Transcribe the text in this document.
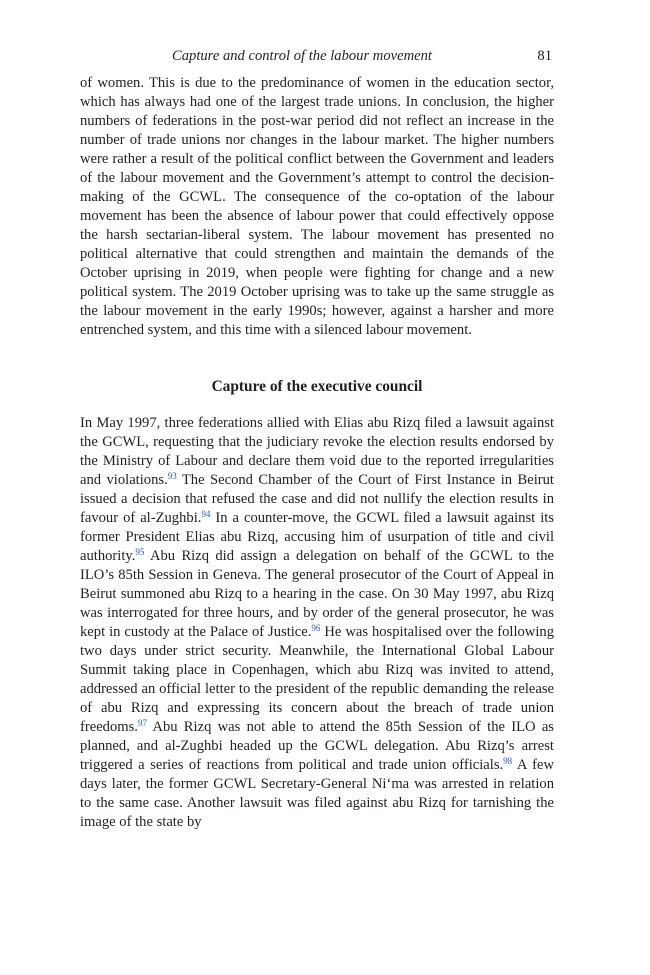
Capture and control of the labour movement	81

of women. This is due to the predominance of women in the education sector, which has always had one of the largest trade unions. In conclusion, the higher numbers of federations in the post-war period did not reflect an increase in the number of trade unions nor changes in the labour market. The higher numbers were rather a result of the political conflict between the Government and leaders of the labour movement and the Government’s attempt to control the decision-making of the GCWL. The consequence of the co-optation of the labour movement has been the absence of labour power that could effectively oppose the harsh sectarian-liberal system. The labour movement has presented no political alternative that could strengthen and maintain the demands of the October uprising in 2019, when people were fighting for change and a new political system. The 2019 October uprising was to take up the same struggle as the labour movement in the early 1990s; however, against a harsher and more entrenched system, and this time with a silenced labour movement.

Capture of the executive council

In May 1997, three federations allied with Elias abu Rizq filed a lawsuit against the GCWL, requesting that the judiciary revoke the election results endorsed by the Ministry of Labour and declare them void due to the reported irregularities and violations.$^{93}$ The Second Chamber of the Court of First Instance in Beirut issued a decision that refused the case and did not nullify the election results in favour of al-Zughbi.$^{94}$ In a counter-move, the GCWL filed a lawsuit against its former President Elias abu Rizq, accusing him of usurpation of title and civil authority.$^{95}$ Abu Rizq did assign a delegation on behalf of the GCWL to the ILO’s 85th Session in Geneva. The general prosecutor of the Court of Appeal in Beirut summoned abu Rizq to a hearing in the case. On 30 May 1997, abu Rizq was interrogated for three hours, and by order of the general prosecutor, he was kept in custody at the Palace of Justice.$^{96}$ He was hospitalised over the following two days under strict security. Meanwhile, the International Global Labour Summit taking place in Copenhagen, which abu Rizq was invited to attend, addressed an official letter to the president of the republic demanding the release of abu Rizq and expressing its concern about the breach of trade union freedoms.$^{97}$ Abu Rizq was not able to attend the 85th Session of the ILO as planned, and al-Zughbi headed up the GCWL delegation. Abu Rizq’s arrest triggered a series of reactions from political and trade union officials.$^{98}$ A few days later, the former GCWL Secretary-General Ni‘ma was arrested in relation to the same case. Another lawsuit was filed against abu Rizq for tarnishing the image of the state by
